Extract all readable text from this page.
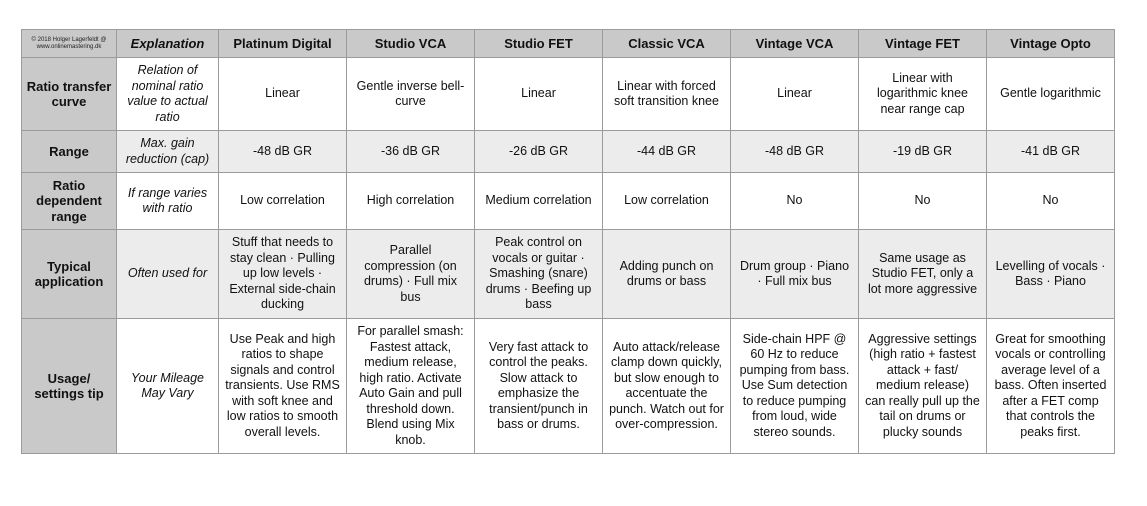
© 2018 Holger Lagerfeldt @
www.onlinemastering.dk	Explanation	Platinum Digital	Studio VCA	Studio FET	Classic VCA	Vintage VCA	Vintage FET	Vintage Opto
Ratio transfer curve	Relation of nominal ratio value to actual ratio	Linear	Gentle inverse bell-curve	Linear	Linear with forced soft transition knee	Linear	Linear with logarithmic knee near range cap	Gentle logarithmic
Range	Max. gain reduction (cap)	-48 dB GR	-36 dB GR	-26 dB GR	-44 dB GR	-48 dB GR	-19 dB GR	-41 dB GR
Ratio dependent range	If range varies with ratio	Low correlation	High correlation	Medium correlation	Low correlation	No	No	No
Typical application	Often used for	Stuff that needs to stay clean · Pulling up low levels · External side-chain ducking	Parallel compression (on drums) · Full mix bus	Peak control on vocals or guitar · Smashing (snare) drums · Beefing up bass	Adding punch on drums or bass	Drum group · Piano · Full mix bus	Same usage as Studio FET, only a lot more aggressive	Levelling of vocals · Bass · Piano
Usage/ settings tip	Your Mileage May Vary	Use Peak and high ratios to shape signals and control transients. Use RMS with soft knee and low ratios to smooth overall levels.	For parallel smash: Fastest attack, medium release, high ratio. Activate Auto Gain and pull threshold down. Blend using Mix knob.	Very fast attack to control the peaks. Slow attack to emphasize the transient/punch in bass or drums.	Auto attack/release clamp down quickly, but slow enough to accentuate the punch. Watch out for over-compression.	Side-chain HPF @ 60 Hz to reduce pumping from bass. Use Sum detection to reduce pumping from loud, wide stereo sounds.	Aggressive settings (high ratio + fastest attack + fast/ medium release) can really pull up the tail on drums or plucky sounds	Great for smoothing vocals or controlling average level of a bass. Often inserted after a FET comp that controls the peaks first.
